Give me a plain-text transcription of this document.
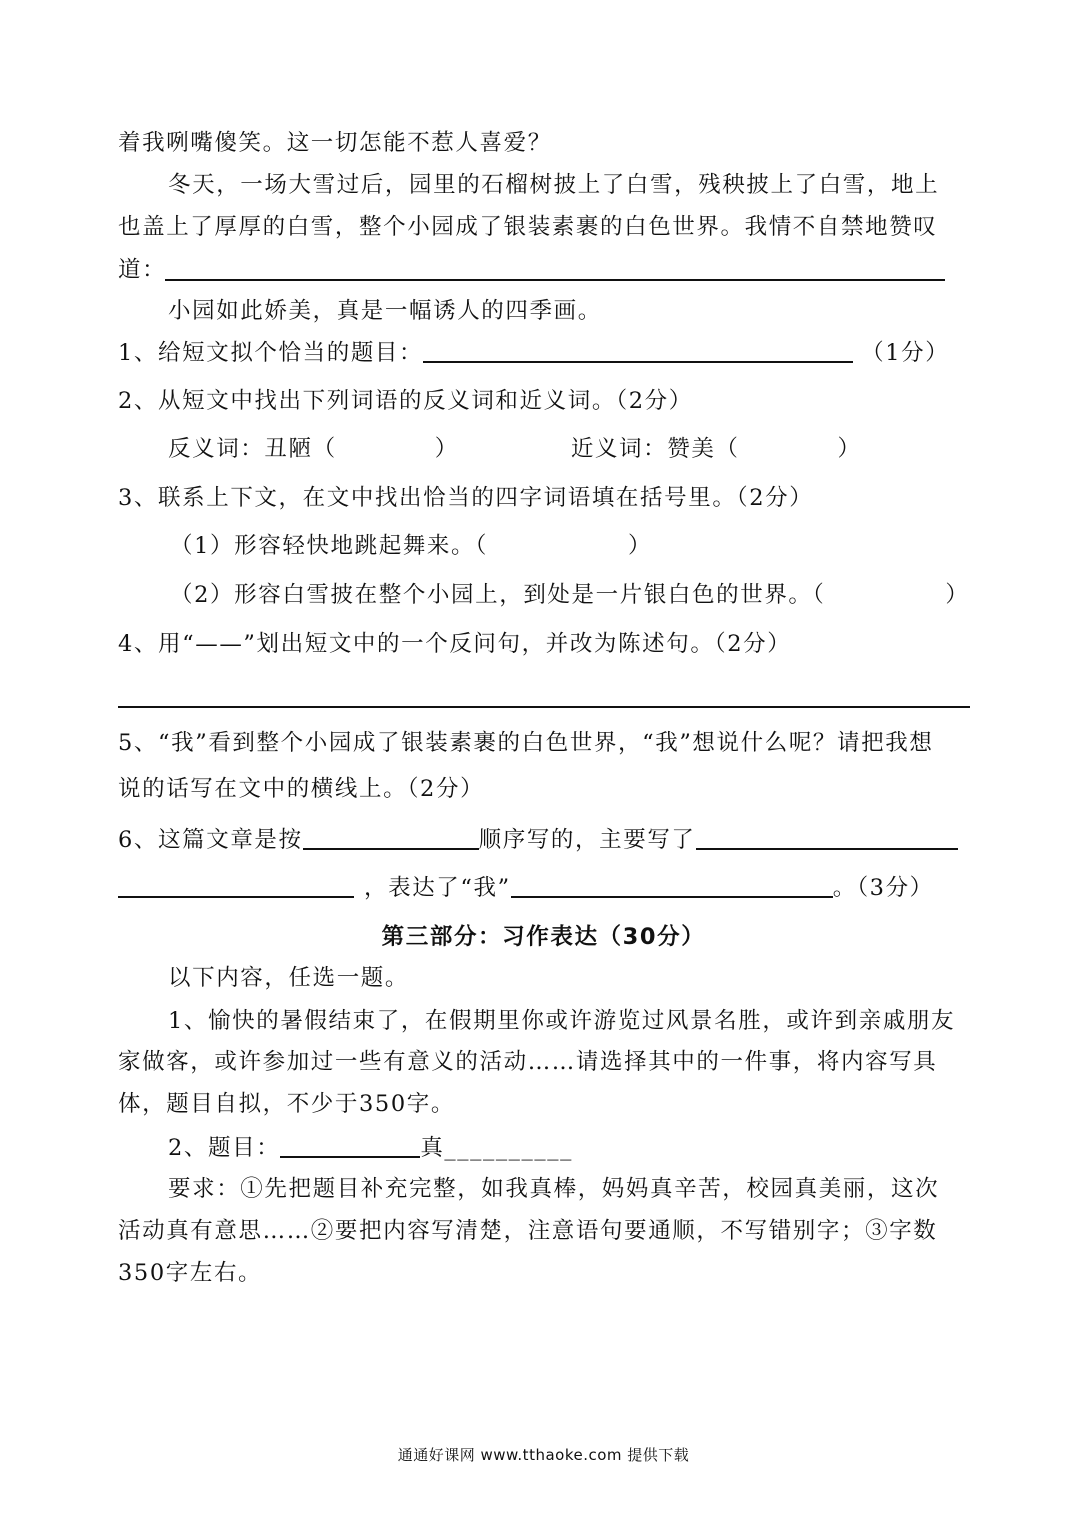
着我咧嘴傻笑。这一切怎能不惹人喜爱？
冬天，一场大雪过后，园里的石榴树披上了白雪，残秧披上了白雪，地上
也盖上了厚厚的白雪，整个小园成了银装素裹的白色世界。我情不自禁地赞叹
道：
小园如此娇美，真是一幅诱人的四季画。
1、给短文拟个恰当的题目：	（1分）
2、从短文中找出下列词语的反义词和近义词。（2分）
反义词：丑陋（	）	近义词：赞美（	）
3、联系上下文，在文中找出恰当的四字词语填在括号里。（2分）
（1）形容轻快地跳起舞来。（	）
（2）形容白雪披在整个小园上，到处是一片银白色的世界。（	）
4、用“——”划出短文中的一个反问句，并改为陈述句。（2分）
5、“我”看到整个小园成了银装素裹的白色世界，“我”想说什么呢？请把我想
说的话写在文中的横线上。（2分）
6、这篇文章是按	顺序写的，主要写了
，表达了“我”	。（3分）
第三部分：习作表达（30分）
以下内容，任选一题。
1、愉快的暑假结束了，在假期里你或许游览过风景名胜，或许到亲戚朋友
家做客，或许参加过一些有意义的活动……请选择其中的一件事，将内容写具
体，题目自拟，不少于350字。
2、题目：	真__________
要求：①先把题目补充完整，如我真棒，妈妈真辛苦，校园真美丽，这次
活动真有意思……②要把内容写清楚，注意语句要通顺，不写错别字；③字数
350字左右。
通通好课网 www.tthaoke.com 提供下载
